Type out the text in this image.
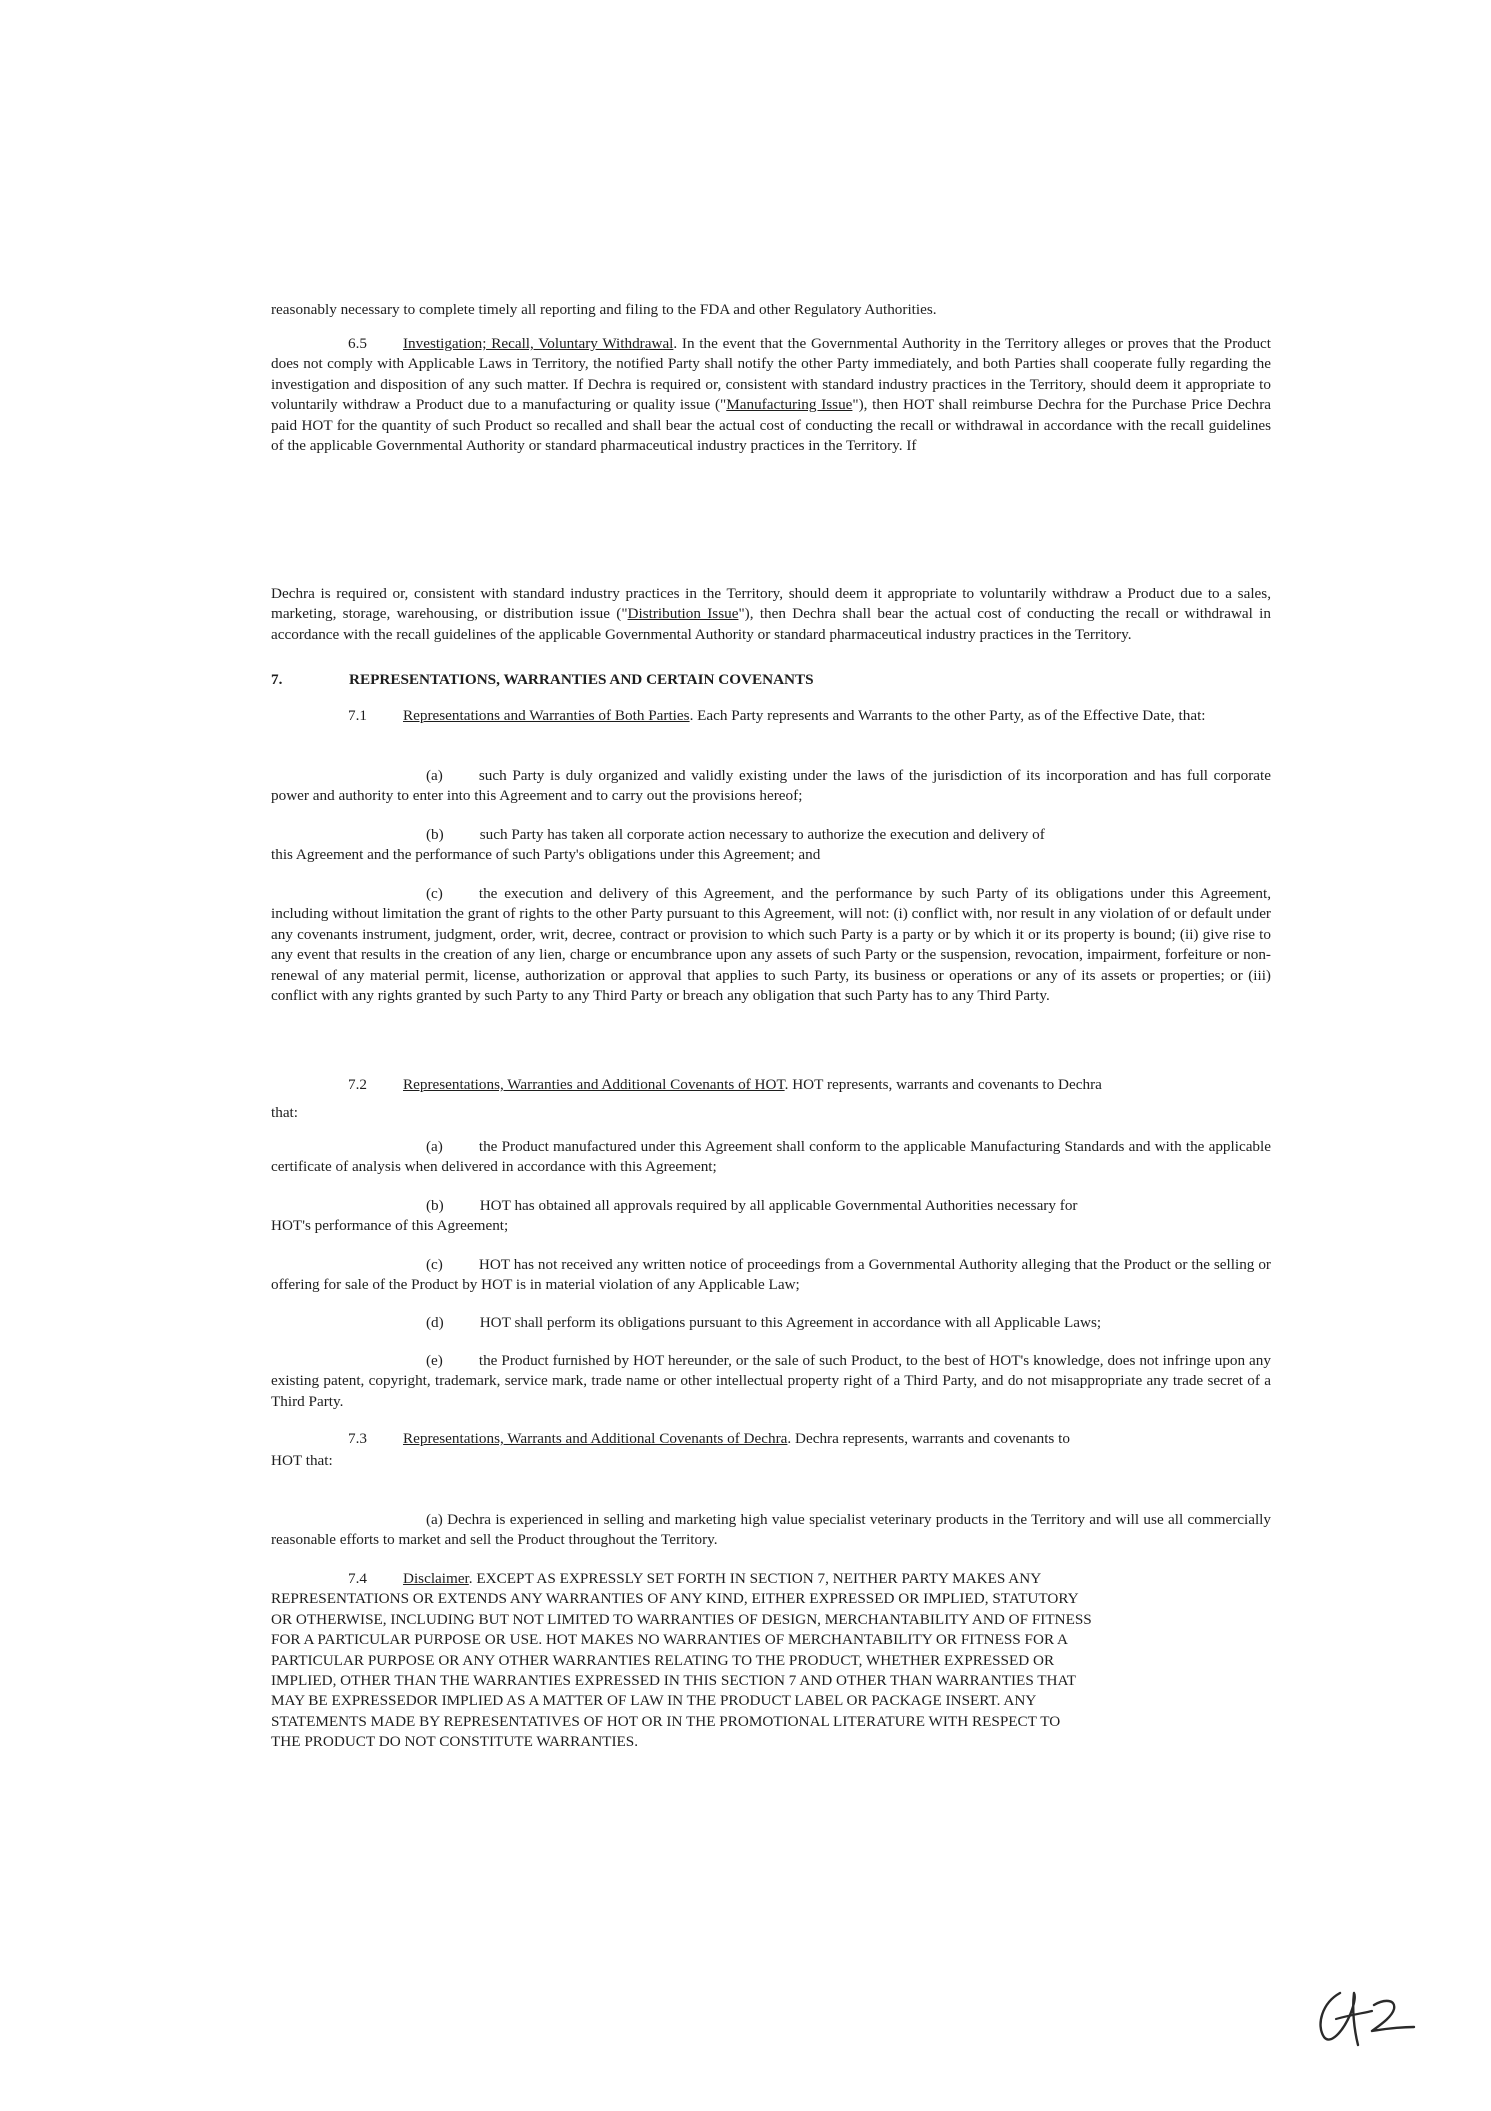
reasonably necessary to complete timely all reporting and filing to the FDA and other Regulatory Authorities.

6.5 Investigation; Recall, Voluntary Withdrawal. In the event that the Governmental Authority in the Territory alleges or proves that the Product does not comply with Applicable Laws in Territory, the notified Party shall notify the other Party immediately, and both Parties shall cooperate fully regarding the investigation and disposition of any such matter. If Dechra is required or, consistent with standard industry practices in the Territory, should deem it appropriate to voluntarily withdraw a Product due to a manufacturing or quality issue ("Manufacturing Issue"), then HOT shall reimburse Dechra for the Purchase Price Dechra paid HOT for the quantity of such Product so recalled and shall bear the actual cost of conducting the recall or withdrawal in accordance with the recall guidelines of the applicable Governmental Authority or standard pharmaceutical industry practices in the Territory. If

Dechra is required or, consistent with standard industry practices in the Territory, should deem it appropriate to voluntarily withdraw a Product due to a sales, marketing, storage, warehousing, or distribution issue ("Distribution Issue"), then Dechra shall bear the actual cost of conducting the recall or withdrawal in accordance with the recall guidelines of the applicable Governmental Authority or standard pharmaceutical industry practices in the Territory.

7.	REPRESENTATIONS, WARRANTIES AND CERTAIN COVENANTS

7.1 Representations and Warranties of Both Parties. Each Party represents and Warrants to the other Party, as of the Effective Date, that:

(a) such Party is duly organized and validly existing under the laws of the jurisdiction of its incorporation and has full corporate power and authority to enter into this Agreement and to carry out the provisions hereof;

(b) such Party has taken all corporate action necessary to authorize the execution and delivery of
this Agreement and the performance of such Party's obligations under this Agreement; and

(c) the execution and delivery of this Agreement, and the performance by such Party of its obligations under this Agreement, including without limitation the grant of rights to the other Party pursuant to this Agreement, will not: (i) conflict with, nor result in any violation of or default under any covenants instrument, judgment, order, writ, decree, contract or provision to which such Party is a party or by which it or its property is bound; (ii) give rise to any event that results in the creation of any lien, charge or encumbrance upon any assets of such Party or the suspension, revocation, impairment, forfeiture or non-renewal of any material permit, license, authorization or approval that applies to such Party, its business or operations or any of its assets or properties; or (iii) conflict with any rights granted by such Party to any Third Party or breach any obligation that such Party has to any Third Party.

7.2 Representations, Warranties and Additional Covenants of HOT. HOT represents, warrants and covenants to Dechra

that:

(a) the Product manufactured under this Agreement shall conform to the applicable Manufacturing Standards and with the applicable certificate of analysis when delivered in accordance with this Agreement;

(b) HOT has obtained all approvals required by all applicable Governmental Authorities necessary for
HOT's performance of this Agreement;

(c) HOT has not received any written notice of proceedings from a Governmental Authority alleging that the Product or the selling or offering for sale of the Product by HOT is in material violation of any Applicable Law;

(d) HOT shall perform its obligations pursuant to this Agreement in accordance with all Applicable Laws;

(e) the Product furnished by HOT hereunder, or the sale of such Product, to the best of HOT's knowledge, does not infringe upon any existing patent, copyright, trademark, service mark, trade name or other intellectual property right of a Third Party, and do not misappropriate any trade secret of a Third Party.

7.3 Representations, Warrants and Additional Covenants of Dechra. Dechra represents, warrants and covenants to

HOT that:

(a) Dechra is experienced in selling and marketing high value specialist veterinary products in the Territory and will use all commercially reasonable efforts to market and sell the Product throughout the Territory.

7.4 Disclaimer. EXCEPT AS EXPRESSLY SET FORTH IN SECTION 7, NEITHER PARTY MAKES ANY
REPRESENTATIONS OR EXTENDS ANY WARRANTIES OF ANY KIND, EITHER EXPRESSED OR IMPLIED, STATUTORY
OR OTHERWISE, INCLUDING BUT NOT LIMITED TO WARRANTIES OF DESIGN, MERCHANTABILITY AND OF FITNESS
FOR A PARTICULAR PURPOSE OR USE. HOT MAKES NO WARRANTIES OF MERCHANTABILITY OR FITNESS FOR A
PARTICULAR PURPOSE OR ANY OTHER WARRANTIES RELATING TO THE PRODUCT, WHETHER EXPRESSED OR
IMPLIED, OTHER THAN THE WARRANTIES EXPRESSED IN THIS SECTION 7 AND OTHER THAN WARRANTIES THAT
MAY BE EXPRESSEDOR IMPLIED AS A MATTER OF LAW IN THE PRODUCT LABEL OR PACKAGE INSERT. ANY
STATEMENTS MADE BY REPRESENTATIVES OF HOT OR IN THE PROMOTIONAL LITERATURE WITH RESPECT TO
THE PRODUCT DO NOT CONSTITUTE WARRANTIES.
